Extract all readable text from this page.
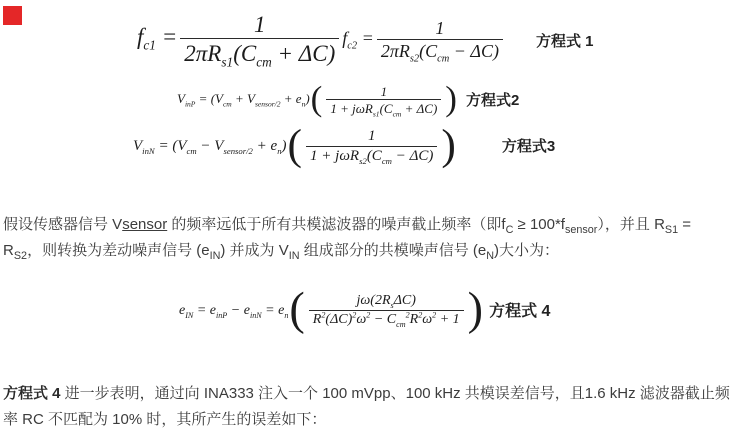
$f_{c1} = \frac{1}{2\pi R_{s1}(C_{cm} + \Delta C)} f_{c2} = \frac{1}{2\pi R_{s2}(C_{cm} - \Delta C)}$ 方程式 1
$V_{inP} = (V_{cm} + V_{sensor/2} + e_n)( \frac{1}{1 + j\omega R_{s1}(C_{cm} + \Delta C)}$ ) 方程式2
$V_{inN} = (V_{cm} - V_{sensor/2} + e_n)( \frac{1}{1 + j\omega R_{s2}(C_{cm} - \Delta C)}$ )	方程式3
假设传感器信号 Vsensor 的频率远低于所有共模滤波器的噪声截止频率（即$f_C \ge 100*f_{sensor}$），并且 $R_{S1}$ =
$R_{S2}$，则转换为差动噪声信号 $(e_{IN})$ 并成为 $V_{IN}$ 组成部分的共模噪声信号 $(e_N)$大小为：
$e_{IN} = e_{inP} - e_{inN} = e_n( \frac{j\omega(2R_s\Delta C)}{R^2(\Delta C)^2\omega^2 - C_{cm}^2R^2\omega^2 + 1}$ ) 方程式 4
方程式 4 进一步表明，通过向 INA333 注入一个 100 mVpp、100 kHz 共模误差信号，且1.6 kHz 滤波器截止频
率 RC 不匹配为 10% 时，其所产生的误差如下：
